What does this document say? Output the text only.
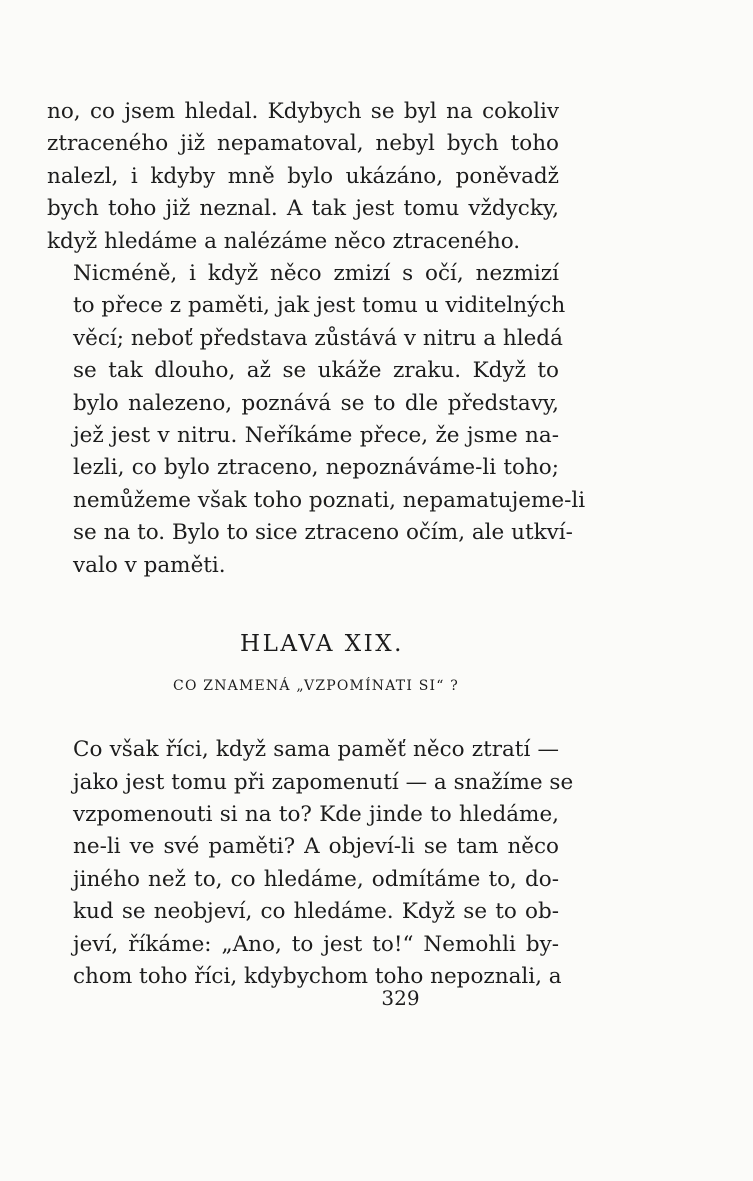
no, co jsem hledal. Kdybych se byl na cokoliv
ztraceného již nepamatoval, nebyl bych toho
nalezl, i kdyby mně bylo ukázáno, poněvadž
bych toho již neznal. A tak jest tomu vždycky,
když hledáme a nalézáme něco ztraceného.
Nicméně, i když něco zmizí s očí, nezmizí
to přece z paměti, jak jest tomu u viditelných
věcí; neboť představa zůstává v nitru a hledá
se tak dlouho, až se ukáže zraku. Když to
bylo nalezeno, poznává se to dle představy,
jež jest v nitru. Neříkáme přece, že jsme na-
lezli, co bylo ztraceno, nepoznáváme-li toho;
nemůžeme však toho poznati, nepamatujeme-li
se na to. Bylo to sice ztraceno očím, ale utkví-
valo v paměti.
HLAVA XIX.
CO ZNAMENÁ „VZPOMÍNATI SI“ ?
Co však říci, když sama paměť něco ztratí —
jako jest tomu při zapomenutí — a snažíme se
vzpomenouti si na to? Kde jinde to hledáme,
ne-li ve své paměti? A objeví-li se tam něco
jiného než to, co hledáme, odmítáme to, do-
kud se neobjeví, co hledáme. Když se to ob-
jeví, říkáme: „Ano, to jest to!“ Nemohli by-
chom toho říci, kdybychom toho nepoznali, a
329
